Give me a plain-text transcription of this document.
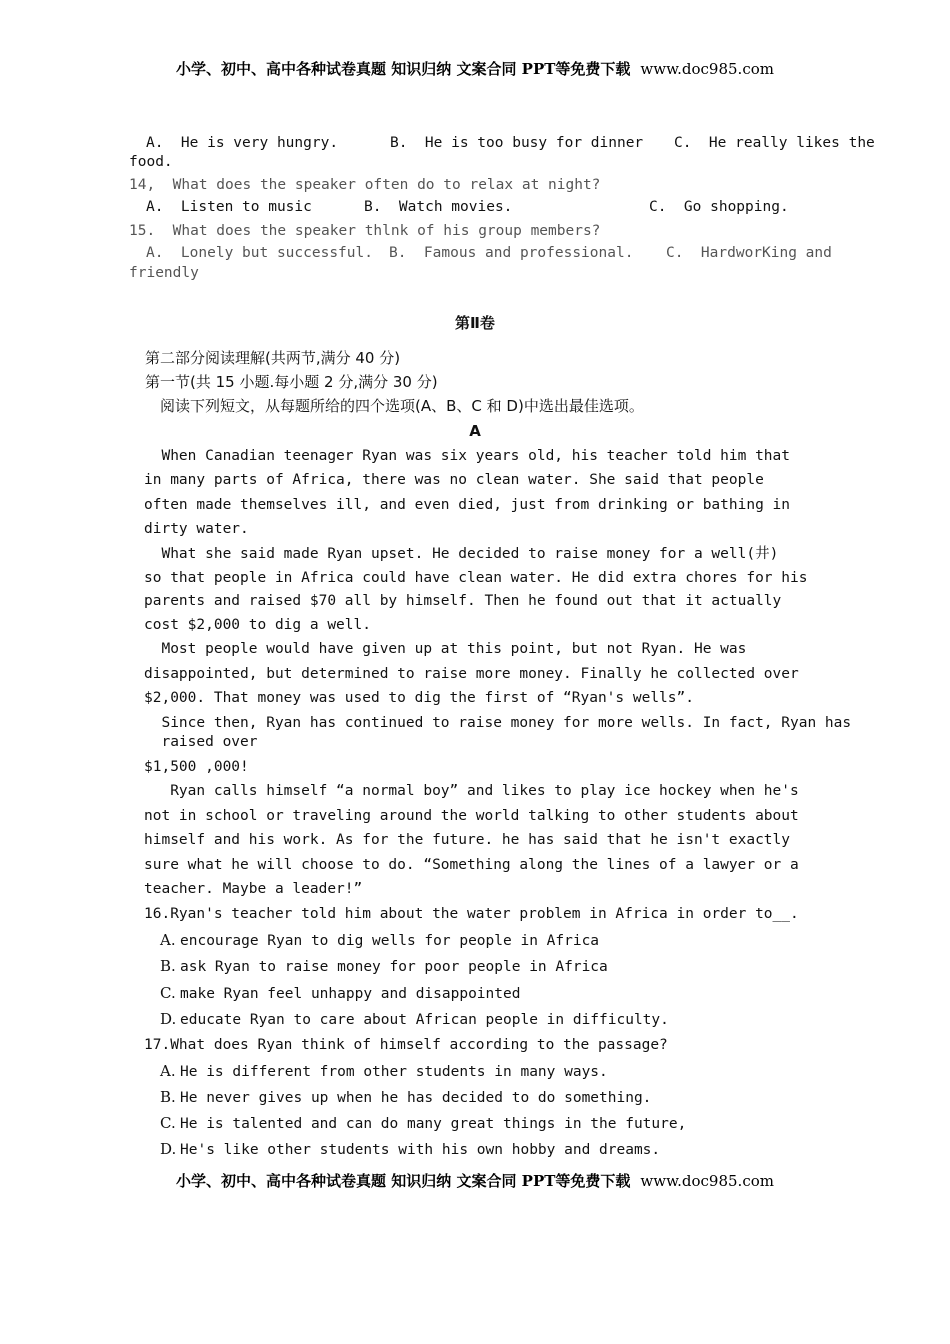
小学、初中、高中各种试卷真题 知识归纳 文案合同 PPT等免费下载 www.doc985.com
A.  He is very hungry.	B.  He is too busy for dinner C.  He really likes the
food.
14,  What does the speaker often do to relax at night?
A.  Listen to music	B.  Watch movies.	C.  Go shopping.
15.  What does the speaker thlnk of his group members?
A.  Lonely but successful. B.  Famous and professional. C.  HardworKing and
friendly
第Ⅱ卷
第二部分阅读理解(共两节,满分 40 分)
第一节(共 15 小题.每小题 2 分,满分 30 分)
阅读下列短文，从每题所给的四个选项(A、B、C 和 D)中选出最佳选项。
A
When Canadian teenager Ryan was six years old, his teacher told him that
in many parts of Africa, there was no clean water. She said that people
often made themselves ill, and even died, just from drinking or bathing in
dirty water.
What she said made Ryan upset. He decided to raise money for a well(井)
so that people in Africa could have clean water. He did extra chores for his
parents and raised $70 all by himself. Then he found out that it actually
cost $2,000 to dig a well.
Most people would have given up at this point, but not Ryan. He was
disappointed, but determined to raise more money. Finally he collected over
$2,000. That money was used to dig the first of “Ryan's wells”.
Since then, Ryan has continued to raise money for more wells. In fact, Ryan has
raised over
$1,500 ,000!
Ryan calls himself “a normal boy” and likes to play ice hockey when he's
not in school or traveling around the world talking to other students about
himself and his work. As for the future. he has said that he isn't exactly
sure what he will choose to do. “Something along the lines of a lawyer or a
teacher. Maybe a leader!”
16.Ryan's teacher told him about the water problem in Africa in order to__.
A. encourage Ryan to dig wells for people in Africa
B. ask Ryan to raise money for poor people in Africa
C. make Ryan feel unhappy and disappointed
D. educate Ryan to care about African people in difficulty.
17.What does Ryan think of himself according to the passage?
A. He is different from other students in many ways.
B. He never gives up when he has decided to do something.
C. He is talented and can do many great things in the future,
D. He's like other students with his own hobby and dreams.
小学、初中、高中各种试卷真题 知识归纳 文案合同 PPT等免费下载 www.doc985.com
